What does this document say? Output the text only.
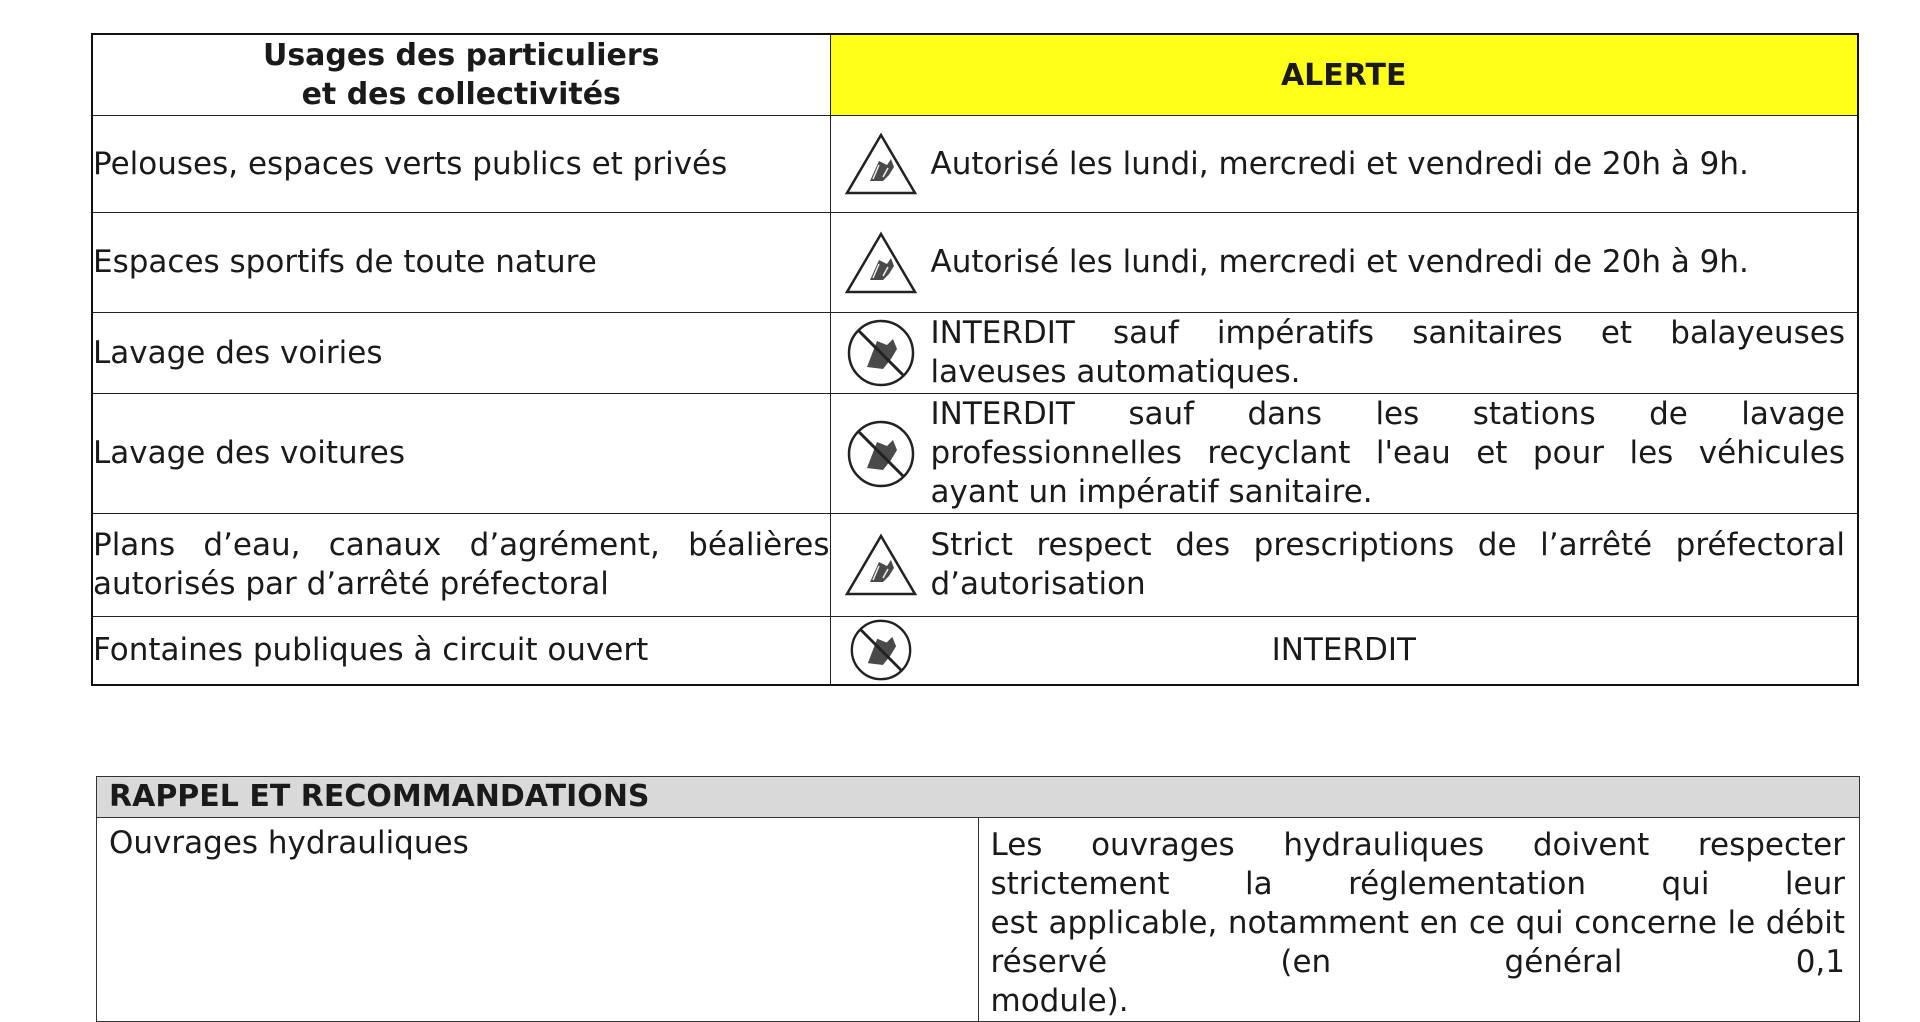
Usages des particuliers
et des collectivités	ALERTE
Pelouses, espaces verts publics et privés	Autorisé les lundi, mercredi et vendredi de 20h à 9h.

Espaces sportifs de toute nature	Autorisé les lundi, mercredi et vendredi de 20h à 9h.

Lavage des voiries	INTERDIT sauf impératifs sanitaires et balayeuses
laveuses automatiques.

Lavage des voitures	INTERDIT sauf dans les stations de lavage
professionnelles recyclant l'eau et pour les véhicules
ayant un impératif sanitaire.

Plans d’eau, canaux d’agrément, béalières
autorisés par d’arrêté préfectoral	Strict respect des prescriptions de l’arrêté préfectoral
d’autorisation

Fontaines publiques à circuit ouvert	INTERDIT
RAPPEL ET RECOMMANDATIONS
Ouvrages hydrauliques	Les ouvrages hydrauliques doivent respecter strictement la réglementation qui leur
est applicable, notamment en ce qui concerne le débit réservé (en général 0,1
module).
